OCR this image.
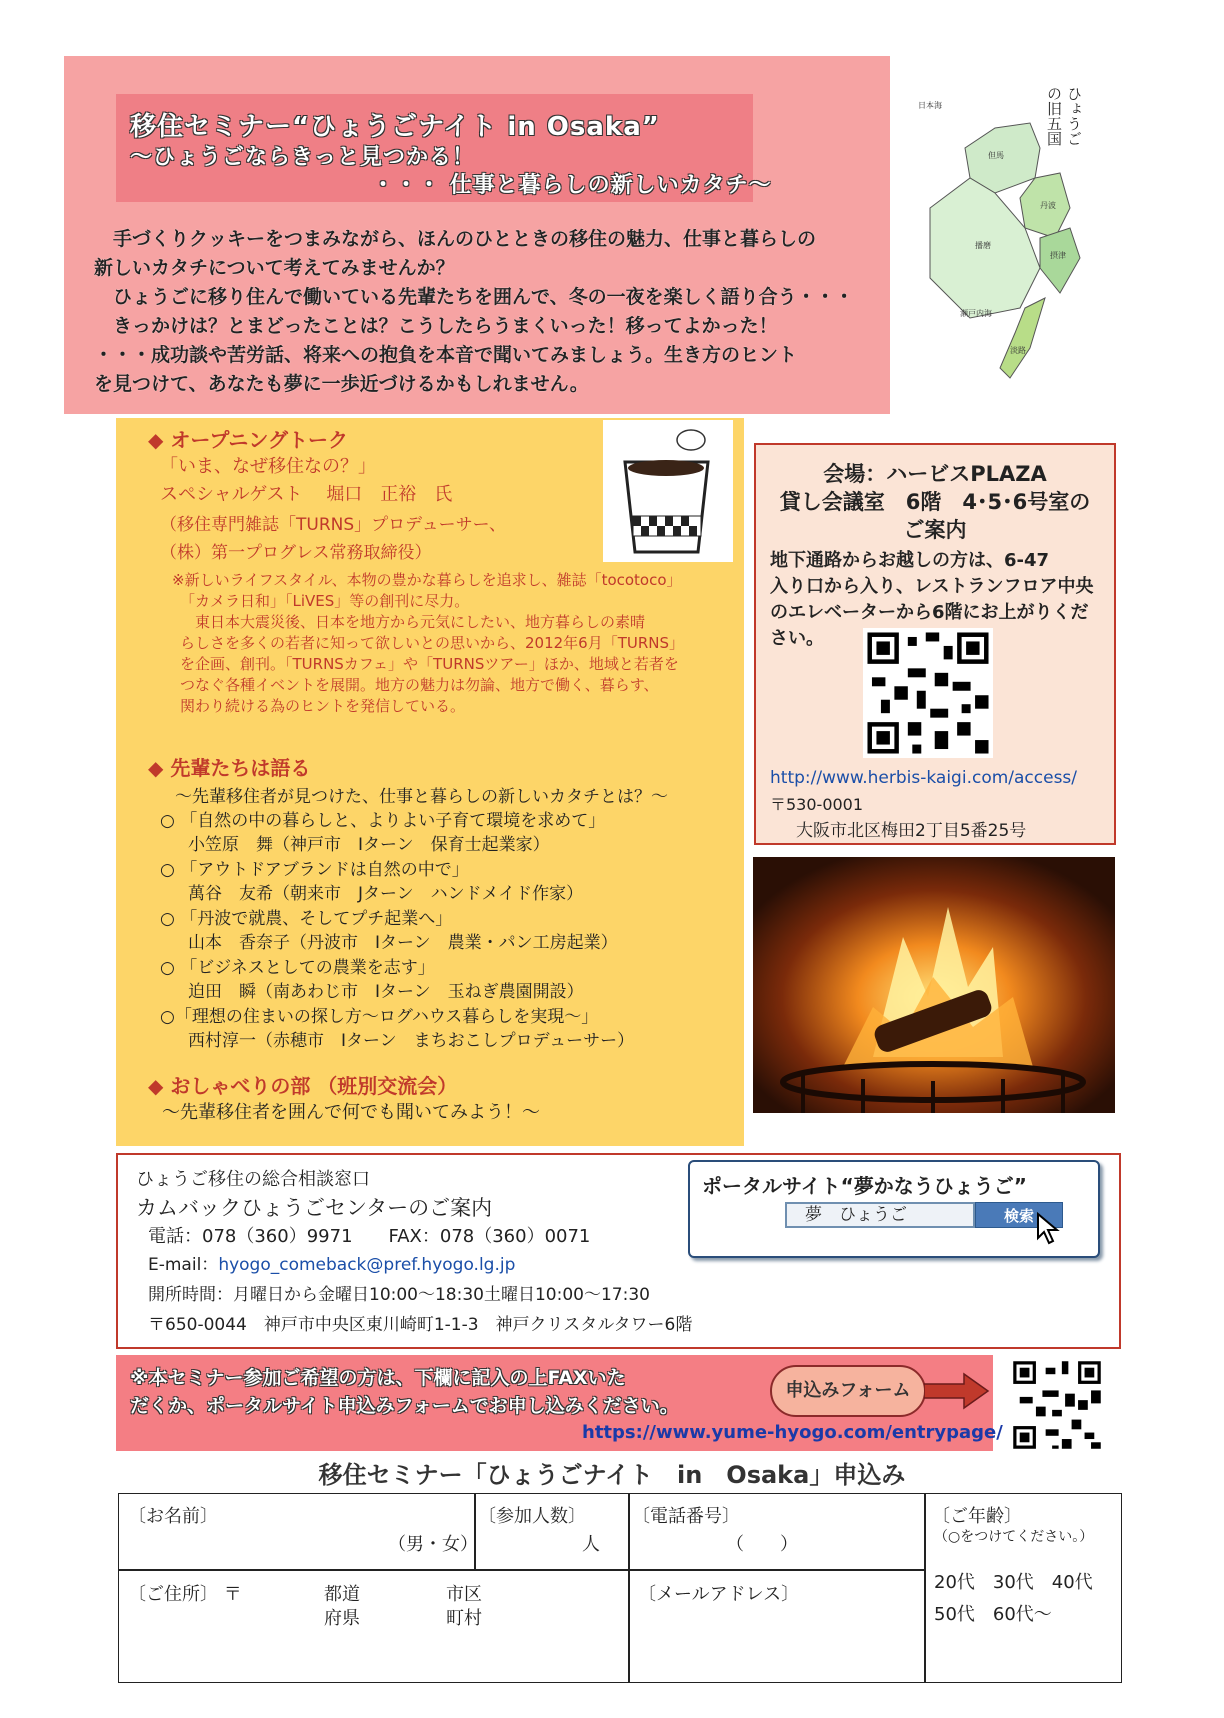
移住セミナー“ひょうごナイト in Osaka”
～ひょうごならきっと見つかる！
・・・ 仕事と暮らしの新しいカタチ～
　手づくりクッキーをつまみながら、ほんのひとときの移住の魅力、仕事と暮らしの
新しいカタチについて考えてみませんか？
　ひょうごに移り住んで働いている先輩たちを囲んで、冬の一夜を楽しく語り合う・・・
　きっかけは？とまどったことは？こうしたらうまくいった！移ってよかった！
・・・成功談や苦労話、将来への抱負を本音で聞いてみましょう。生き方のヒント
を見つけて、あなたも夢に一歩近づけるかもしれません。
日本海
但馬
丹波
播磨
摂津
瀬戸内海
淡路
ひょうごの旧五国
◆ オープニングトーク
「いま、なぜ移住なの？」
スペシャルゲスト　 堀口　正裕　氏
（移住専門雑誌「TURNS」プロデューサー、
（株）第一プログレス常務取締役）
※新しいライフスタイル、本物の豊かな暮らしを追求し、雑誌「tocotoco」
「カメラ日和」「LiVES」等の創刊に尽力。
　東日本大震災後、日本を地方から元気にしたい、地方暮らしの素晴
らしさを多くの若者に知って欲しいとの思いから、2012年6月「TURNS」
を企画、創刊。「TURNSカフェ」や「TURNSツアー」ほか、地域と若者を
つなぐ各種イベントを展開。地方の魅力は勿論、地方で働く、暮らす、
関わり続ける為のヒントを発信している。
◆ 先輩たちは語る
～先輩移住者が見つけた、仕事と暮らしの新しいカタチとは？～
○ 「自然の中の暮らしと、よりよい子育て環境を求めて」
小笠原　舞（神戸市　Iターン　保育士起業家）
○ 「アウトドアブランドは自然の中で」
萬谷　友希（朝来市　Jターン　ハンドメイド作家）
○ 「丹波で就農、そしてプチ起業へ」
山本　香奈子（丹波市　Iターン　農業・パン工房起業）
○ 「ビジネスとしての農業を志す」
迫田　瞬（南あわじ市　Iターン　玉ねぎ農園開設）
○「理想の住まいの探し方～ログハウス暮らしを実現～」
西村淳一（赤穂市　Iターン　まちおこしプロデューサー）
◆ おしゃべりの部 （班別交流会）
～先輩移住者を囲んで何でも聞いてみよう！～
会場：ハービスPLAZA
貸し会議室　6階　4･5･6号室の
ご案内
地下通路からお越しの方は、6-47
入り口から入り、レストランフロア中央
のエレベーターから6階にお上がりくだ
さい。
http://www.herbis-kaigi.com/access/
〒530-0001
大阪市北区梅田2丁目5番25号
ひょうご移住の総合相談窓口
カムバックひょうごセンターのご案内
電話：078（360）9971　　FAX：078（360）0071
E-mail：hyogo_comeback@pref.hyogo.lg.jp
開所時間：月曜日から金曜日10:00～18:30土曜日10:00～17:30
〒650-0044　神戸市中央区東川崎町1-1-3　神戸クリスタルタワー6階
ポータルサイト“夢かなうひょうご”
夢　ひょうご	検索
※本セミナー参加ご希望の方は、下欄に記入の上FAXいた
だくか、ポータルサイト申込みフォームでお申し込みください。
申込みフォーム
https://www.yume-hyogo.com/entrypage/
移住セミナー「ひょうごナイト　in　Osaka」申込み
〔お名前〕
（男・女）
〔参加人数〕
人
〔電話番号〕
（　　）
〔ご年齢〕
（○をつけてください。）
20代　30代　40代
50代　60代～
〔ご住所〕 〒	都道
府県
市区
町村
〔メールアドレス〕
